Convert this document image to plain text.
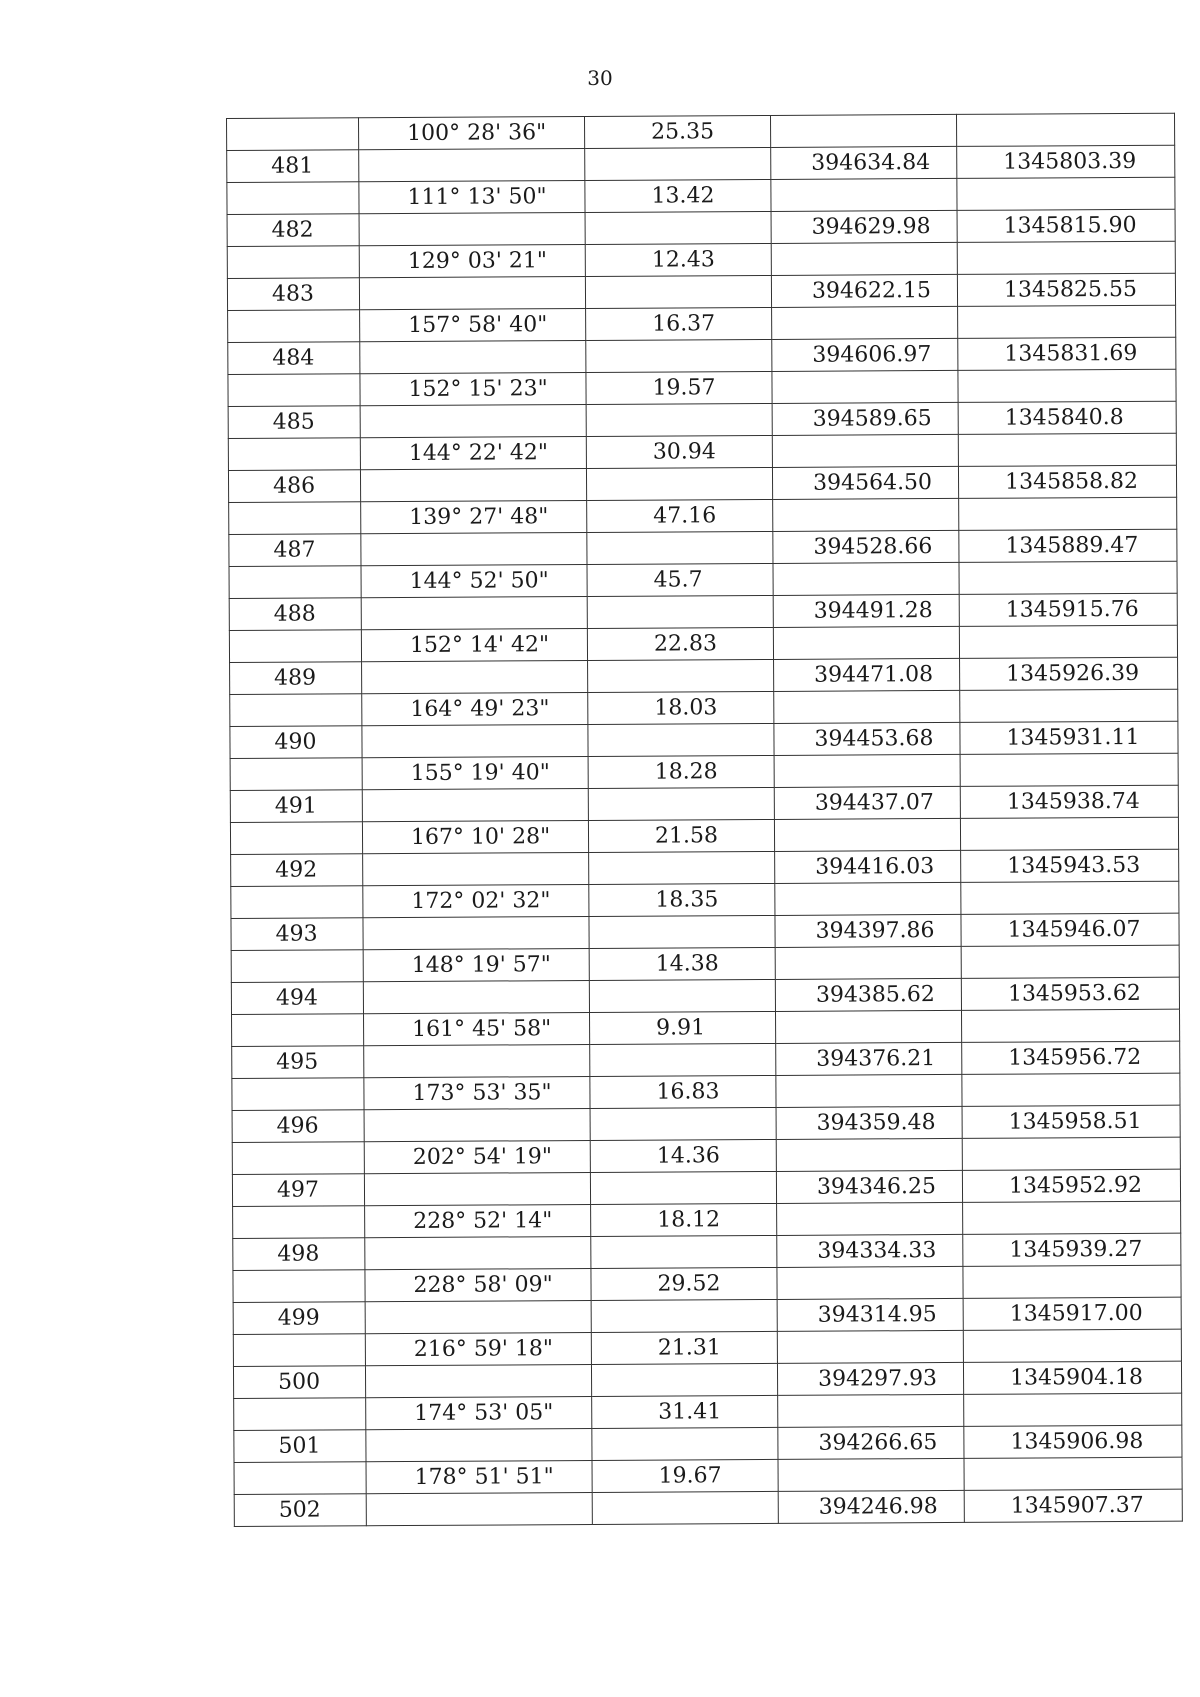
30
	100° 28' 36"	25.35		
481			394634.84	1345803.39
	111° 13' 50"	13.42		
482			394629.98	1345815.90
	129° 03' 21"	12.43		
483			394622.15	1345825.55
	157° 58' 40"	16.37		
484			394606.97	1345831.69
	152° 15' 23"	19.57		
485			394589.65	1345840.8
	144° 22' 42"	30.94		
486			394564.50	1345858.82
	139° 27' 48"	47.16		
487			394528.66	1345889.47
	144° 52' 50"	45.7		
488			394491.28	1345915.76
	152° 14' 42"	22.83		
489			394471.08	1345926.39
	164° 49' 23"	18.03		
490			394453.68	1345931.11
	155° 19' 40"	18.28		
491			394437.07	1345938.74
	167° 10' 28"	21.58		
492			394416.03	1345943.53
	172° 02' 32"	18.35		
493			394397.86	1345946.07
	148° 19' 57"	14.38		
494			394385.62	1345953.62
	161° 45' 58"	9.91		
495			394376.21	1345956.72
	173° 53' 35"	16.83		
496			394359.48	1345958.51
	202° 54' 19"	14.36		
497			394346.25	1345952.92
	228° 52' 14"	18.12		
498			394334.33	1345939.27
	228° 58' 09"	29.52		
499			394314.95	1345917.00
	216° 59' 18"	21.31		
500			394297.93	1345904.18
	174° 53' 05"	31.41		
501			394266.65	1345906.98
	178° 51' 51"	19.67		
502			394246.98	1345907.37
